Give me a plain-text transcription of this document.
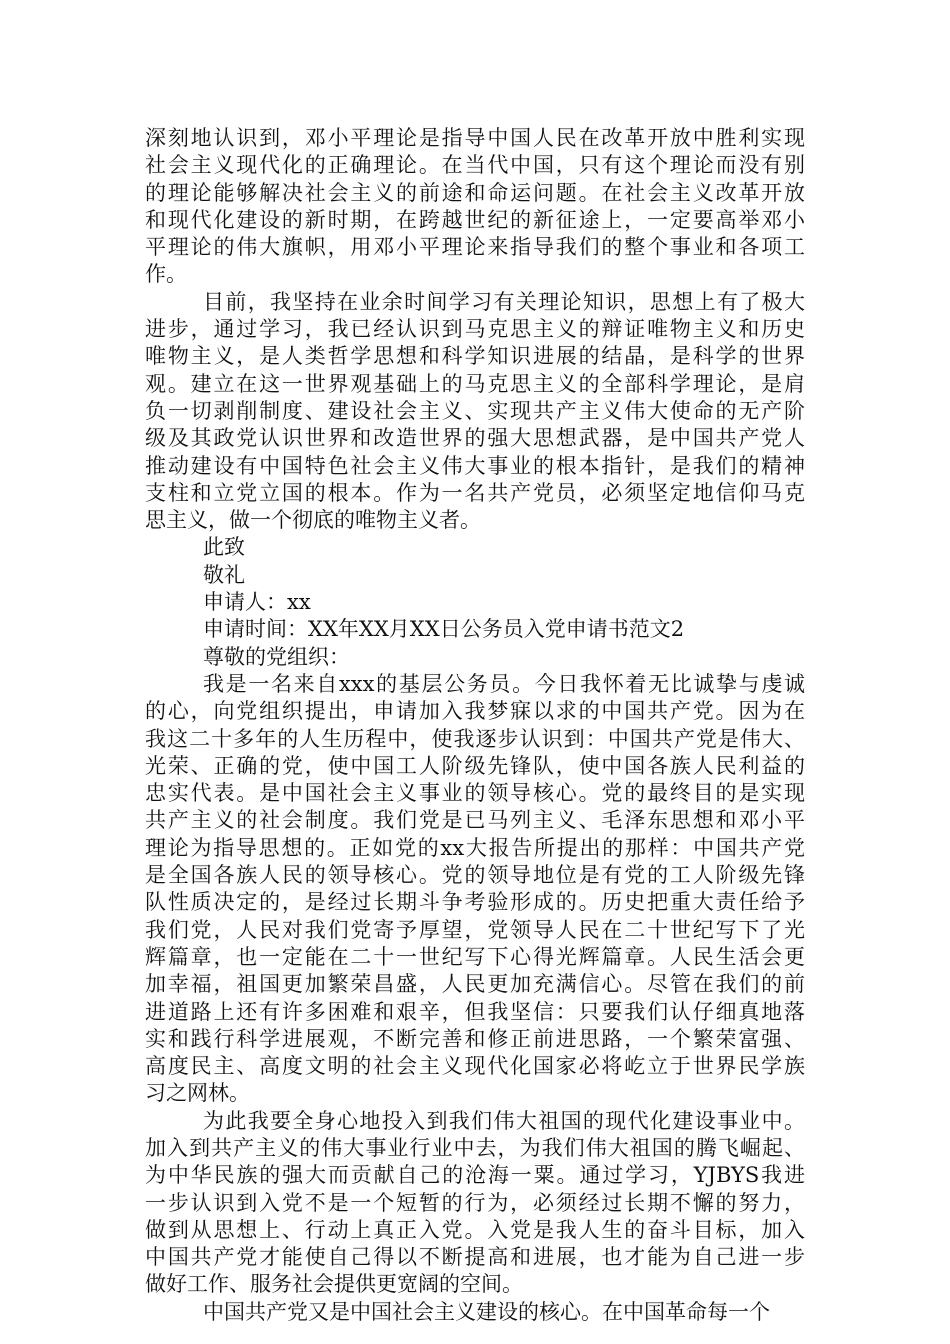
深刻地认识到，邓小平理论是指导中国人民在改革开放中胜利实现
社会主义现代化的正确理论。在当代中国，只有这个理论而没有别
的理论能够解决社会主义的前途和命运问题。在社会主义改革开放
和现代化建设的新时期，在跨越世纪的新征途上，一定要高举邓小
平理论的伟大旗帜，用邓小平理论来指导我们的整个事业和各项工
作。
目前，我坚持在业余时间学习有关理论知识，思想上有了极大
进步，通过学习，我已经认识到马克思主义的辩证唯物主义和历史
唯物主义，是人类哲学思想和科学知识进展的结晶，是科学的世界
观。建立在这一世界观基础上的马克思主义的全部科学理论，是肩
负一切剥削制度、建设社会主义、实现共产主义伟大使命的无产阶
级及其政党认识世界和改造世界的强大思想武器，是中国共产党人
推动建设有中国特色社会主义伟大事业的根本指针，是我们的精神
支柱和立党立国的根本。作为一名共产党员，必须坚定地信仰马克
思主义，做一个彻底的唯物主义者。
此致
敬礼
申请人：xx
申请时间：XX年XX月XX日公务员入党申请书范文2
尊敬的党组织：
我是一名来自xxx的基层公务员。今日我怀着无比诚挚与虔诚
的心，向党组织提出，申请加入我梦寐以求的中国共产党。因为在
我这二十多年的人生历程中，使我逐步认识到：中国共产党是伟大、
光荣、正确的党，使中国工人阶级先锋队，使中国各族人民利益的
忠实代表。是中国社会主义事业的领导核心。党的最终目的是实现
共产主义的社会制度。我们党是已马列主义、毛泽东思想和邓小平
理论为指导思想的。正如党的xx大报告所提出的那样：中国共产党
是全国各族人民的领导核心。党的领导地位是有党的工人阶级先锋
队性质决定的，是经过长期斗争考验形成的。历史把重大责任给予
我们党，人民对我们党寄予厚望，党领导人民在二十世纪写下了光
辉篇章，也一定能在二十一世纪写下心得光辉篇章。人民生活会更
加幸福，祖国更加繁荣昌盛，人民更加充满信心。尽管在我们的前
进道路上还有许多困难和艰辛，但我坚信：只要我们认仔细真地落
实和践行科学进展观，不断完善和修正前进思路，一个繁荣富强、
高度民主、高度文明的社会主义现代化国家必将屹立于世界民学族
习之网林。
为此我要全身心地投入到我们伟大祖国的现代化建设事业中。
加入到共产主义的伟大事业行业中去，为我们伟大祖国的腾飞崛起、
为中华民族的强大而贡献自己的沧海一粟。通过学习，YJBYS我进
一步认识到入党不是一个短暂的行为，必须经过长期不懈的努力，
做到从思想上、行动上真正入党。入党是我人生的奋斗目标，加入
中国共产党才能使自己得以不断提高和进展，也才能为自己进一步
做好工作、服务社会提供更宽阔的空间。
中国共产党又是中国社会主义建设的核心。在中国革命每一个
